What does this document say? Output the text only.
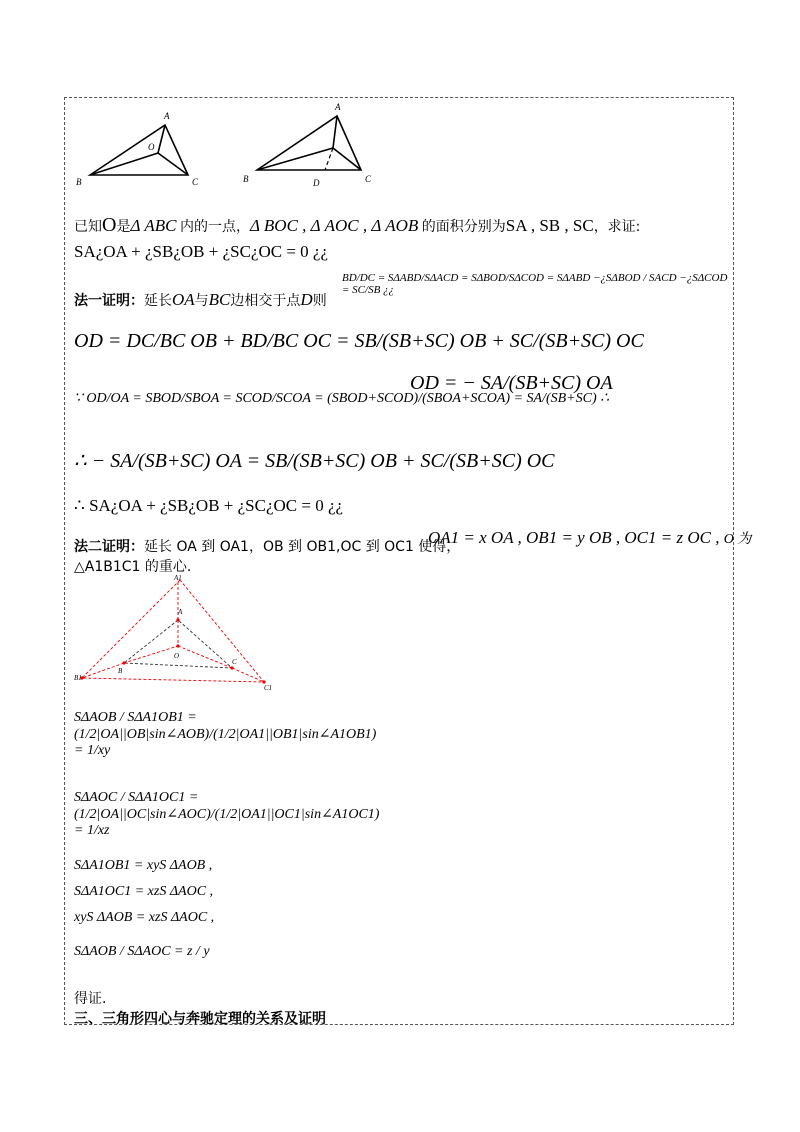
A
O
B	C
A
B	C
D
已知O是Δ ABC 内的一点，Δ BOC , Δ AOC , Δ AOB 的面积分别为SA , SB , SC，求证:
SA¿OA + ¿SB¿OB + ¿SC¿OC = 0 ¿¿
法一证明：延长OA与BC边相交于点D则
BD/DC = SΔABD/SΔACD = SΔBOD/SΔCOD = SΔABD −¿SΔBOD / SACD −¿SΔCOD = SC/SB ¿¿
OD = DC/BC OB + BD/BC OC = SB/(SB+SC) OB + SC/(SB+SC) OC
∵ OD/OA = SBOD/SBOA = SCOD/SCOA = (SBOD+SCOD)/(SBOA+SCOA) = SA/(SB+SC) ∴
OD = − SA/(SB+SC) OA
∴ − SA/(SB+SC) OA = SB/(SB+SC) OB + SC/(SB+SC) OC
∴ SA¿OA + ¿SB¿OB + ¿SC¿OC = 0 ¿¿
法二证明：延长 OA 到 OA1，OB 到 OB1,OC 到 OC1 使得，
OA1 = x OA , OB1 = y OB , OC1 = z OC , O 为
△A1B1C1 的重心.
A1
A
O
B
C
B1
C1
SΔAOB / SΔA1OB1 = (1/2|OA||OB|sin∠AOB)/(1/2|OA1||OB1|sin∠A1OB1) = 1/xy
SΔAOC / SΔA1OC1 = (1/2|OA||OC|sin∠AOC)/(1/2|OA1||OC1|sin∠A1OC1) = 1/xz
SΔA1OB1 = xyS ΔAOB ,
SΔA1OC1 = xzS ΔAOC ,
xyS ΔAOB = xzS ΔAOC ,
SΔAOB / SΔAOC = z / y
得证.
三、三角形四心与奔驰定理的关系及证明
